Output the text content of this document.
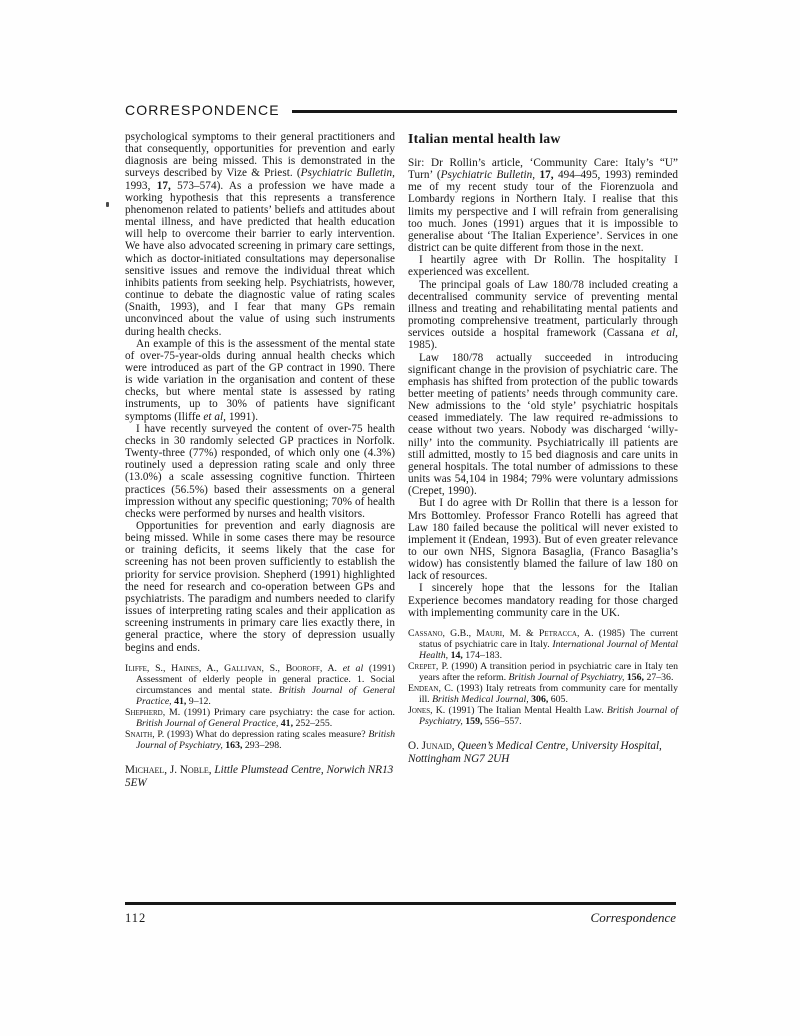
CORRESPONDENCE

psychological symptoms to their general practitioners and that consequently, opportunities for prevention and early diagnosis are being missed. This is demonstrated in the surveys described by Vize & Priest. (Psychiatric Bulletin, 1993, 17, 573–574). As a profession we have made a working hypothesis that this represents a transference phenomenon related to patients’ beliefs and attitudes about mental illness, and have predicted that health education will help to overcome their barrier to early intervention. We have also advocated screening in primary care settings, which as doctor-initiated consultations may depersonalise sensitive issues and remove the individual threat which inhibits patients from seeking help. Psychiatrists, however, continue to debate the diagnostic value of rating scales (Snaith, 1993), and I fear that many GPs remain unconvinced about the value of using such instruments during health checks.

An example of this is the assessment of the mental state of over-75-year-olds during annual health checks which were introduced as part of the GP contract in 1990. There is wide variation in the organisation and content of these checks, but where mental state is assessed by rating instruments, up to 30% of patients have significant symptoms (Iliffe et al, 1991).

I have recently surveyed the content of over-75 health checks in 30 randomly selected GP practices in Norfolk. Twenty-three (77%) responded, of which only one (4.3%) routinely used a depression rating scale and only three (13.0%) a scale assessing cognitive function. Thirteen practices (56.5%) based their assessments on a general impression without any specific questioning; 70% of health checks were performed by nurses and health visitors.

Opportunities for prevention and early diagnosis are being missed. While in some cases there may be resource or training deficits, it seems likely that the case for screening has not been proven sufficiently to establish the priority for service provision. Shepherd (1991) highlighted the need for research and co-operation between GPs and psychiatrists. The paradigm and numbers needed to clarify issues of interpreting rating scales and their application as screening instruments in primary care lies exactly there, in general practice, where the story of depression usually begins and ends.

Iliffe, S., Haines, A., Gallivan, S., Booroff, A. et al (1991) Assessment of elderly people in general practice. 1. Social circumstances and mental state. British Journal of General Practice, 41, 9–12.

Shepherd, M. (1991) Primary care psychiatry: the case for action. British Journal of General Practice, 41, 252–255.

Snaith, P. (1993) What do depression rating scales measure? British Journal of Psychiatry, 163, 293–298.

Michael, J. Noble, Little Plumstead Centre, Norwich NR13 5EW

Italian mental health law

Sir: Dr Rollin’s article, ‘Community Care: Italy’s “U” Turn’ (Psychiatric Bulletin, 17, 494–495, 1993) reminded me of my recent study tour of the Fiorenzuola and Lombardy regions in Northern Italy. I realise that this limits my perspective and I will refrain from generalising too much. Jones (1991) argues that it is impossible to generalise about ‘The Italian Experience’. Services in one district can be quite different from those in the next.

I heartily agree with Dr Rollin. The hospitality I experienced was excellent.

The principal goals of Law 180/78 included creating a decentralised community service of preventing mental illness and treating and rehabilitating mental patients and promoting comprehensive treatment, particularly through services outside a hospital framework (Cassana et al, 1985).

Law 180/78 actually succeeded in introducing significant change in the provision of psychiatric care. The emphasis has shifted from protection of the public towards better meeting of patients’ needs through community care. New admissions to the ‘old style’ psychiatric hospitals ceased immediately. The law required re-admissions to cease without two years. Nobody was discharged ‘willy-nilly’ into the community. Psychiatrically ill patients are still admitted, mostly to 15 bed diagnosis and care units in general hospitals. The total number of admissions to these units was 54,104 in 1984; 79% were voluntary admissions (Crepet, 1990).

But I do agree with Dr Rollin that there is a lesson for Mrs Bottomley. Professor Franco Rotelli has agreed that Law 180 failed because the political will never existed to implement it (Endean, 1993). But of even greater relevance to our own NHS, Signora Basaglia, (Franco Basaglia’s widow) has consistently blamed the failure of law 180 on lack of resources.

I sincerely hope that the lessons for the Italian Experience becomes mandatory reading for those charged with implementing community care in the UK.

Cassano, G.B., Mauri, M. & Petracca, A. (1985) The current status of psychiatric care in Italy. International Journal of Mental Health, 14, 174–183.

Crepet, P. (1990) A transition period in psychiatric care in Italy ten years after the reform. British Journal of Psychiatry, 156, 27–36.

Endean, C. (1993) Italy retreats from community care for mentally ill. British Medical Journal, 306, 605.

Jones, K. (1991) The Italian Mental Health Law. British Journal of Psychiatry, 159, 556–557.

O. Junaid, Queen’s Medical Centre, University Hospital, Nottingham NG7 2UH

112	Correspondence
